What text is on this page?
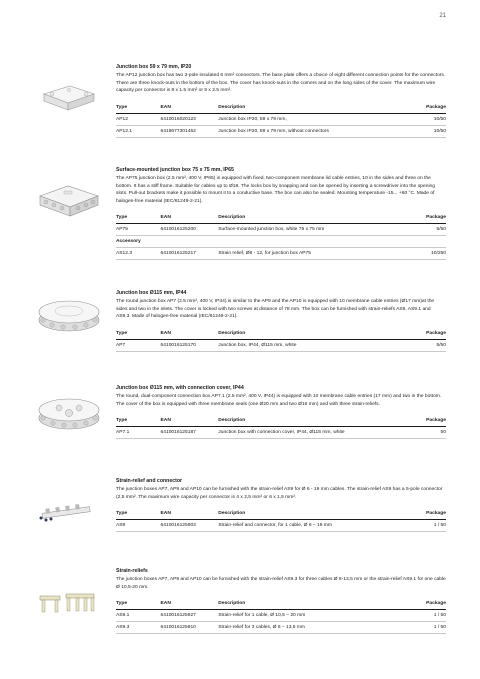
21

Junction box 59 x 79 mm, IP20

The AP12 junction box has two 3-pole insulated 6 mm² connectors. The base plate offers a choice of eight different connection points for the connectors. There are three knock-outs in the bottom of the box. The cover has knock-outs in the corners and on the long sides of the cover. The maximum wire capacity per connector is 8 x 1.5 mm² or 5 x 2.5 mm².

Type	EAN	Description	Package
AP12	6410016020123	Junction box IP20, 59 x 79 mm,	10/50
AP12.1	6418677301452	Junction box IP20, 59 x 79 mm, without connectors	10/50

Surface-mounted junction box 75 x 75 mm, IP65

The AP75 junction box (2.5 mm², 400 V, IP65) is equipped with fixed, two-component membrane lid cable entries, 10 in the sides and three on the bottom. It has a stiff frame. Suitable for cables up to Ø18. The locks box by snapping and can be opened by inserting a screwdriver into the opening slots. Pull-out brackets make it possible to mount it to a conductive base. The box can also be sealed. Mounting temperature -15... +60 °C. Made of halogen-free material (IEC/61249-2-21).

Type	EAN	Description	Package
AP75	6410016125200	Surface-mounted junction box, white 75 x 75 mm	5/50
Accessory			
AS12.3	6410016125217	Strain relief, Ø8 - 12, for junction box AP75	10/250

Junction box Ø115 mm, IP44

The round junction box AP7 (2.5 mm², 400 V, IP44) is similar to the AP9 and the AP10 is equipped with 10 membrane cable entries (Ø17 mm)at the sides and two in the inlets. The cover is locked with two screws at distance of 78 mm. The box can be furnished with strain-reliefs AS9, AS9.1 and AS9.3. Made of halogen-free material (IEC/61249-2-21).

Type	EAN	Description	Package
AP7	6410016125170	Junction box, IP44, Ø115 mm, white	5/50

Junction box Ø115 mm, with connection cover, IP44

The round, dual-component connection box AP7.1 (2.5 mm², 400 V, IP44) is equipped with 10 membrane cable entries (17 mm) and two in the bottom. The cover of the box is equipped with three membrane seals (one Ø20 mm and two Ø16 mm) and with three strain-reliefs.

Type	EAN	Description	Package
AP7.1	6410016125187	Junction box with connection cover, IP44, Ø115 mm, white	50

Strain-relief and connector

The junction boxes AP7, AP9 and AP10 can be furnished with the strain-relief AS9 for Ø 6 - 19 mm cables. The strain-relief AS9 has a 5-pole connector (2,5 mm². The maximum wire capacity per connector is 4 x 2,5 mm² or 6 x 1,5 mm².

Type	EAN	Description	Package
AS9	6410016125903	Strain-relief and connector, for 1 cable, Ø 6 – 19 mm	1 / 50

Strain-reliefs

The junction boxes AP7, AP9 and AP10 can be furnished with the strain-relief AS9.3 for three cables Ø 6-13,5 mm or the strain-relief AS9.1 for one cable Ø 10,5-20 mm.

Type	EAN	Description	Package
AS9.1	6410016125927	Strain-relief for 1 cable, Ø 10,5 – 20 mm	1 / 50
AS9.3	6410016125910	Strain-relief for 3 cables, Ø 6 – 13,5 mm	1 / 50
